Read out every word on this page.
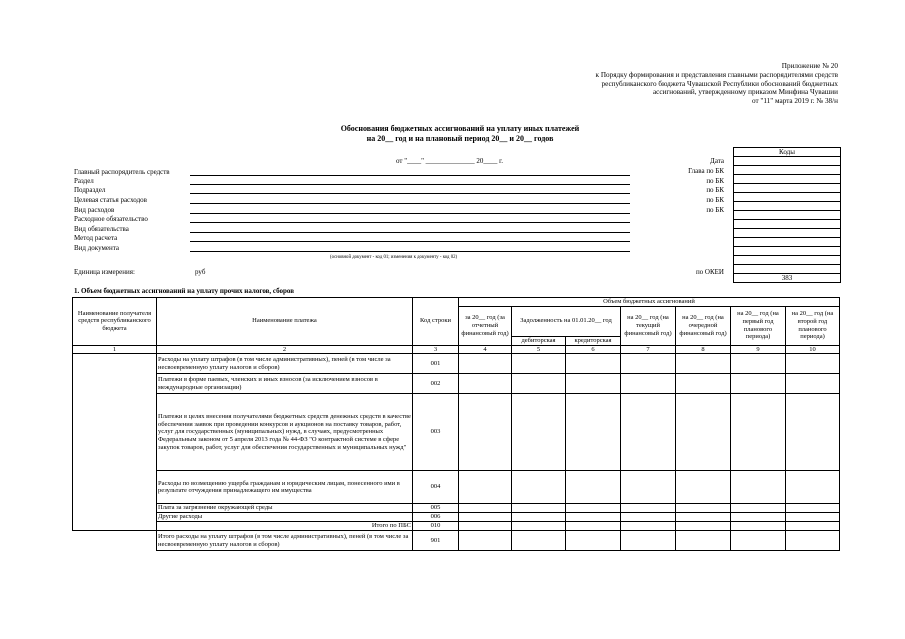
Приложение № 20
к Порядку формирования и представления главными распорядителями средств
республиканского бюджета Чувашской Республики обоснований бюджетных
ассигнований, утвержденному приказом Минфина Чувашии
от "11" марта 2019 г. № 38/н
Обоснования бюджетных ассигнований на уплату иных платежей
на 20__ год и на плановый период 20__ и 20__ годов
Коды

383
от "____" ______________ 20____ г.
Главный распорядитель средств
Раздел
Подраздел
Целевая статья расходов
Вид расходов
Расходное обязательство
Вид обязательства
Метод расчета
Вид документа
Дата
Глава по БК
по БК
по БК
по БК
по БК
(основной документ - код 01; изменения к документу - код 02)
Единица измерения:	руб	по ОКЕИ
1. Объем бюджетных ассигнований на уплату прочих налогов, сборов
Наименование получателя средств республиканского бюджета	Наименование платежа	Код строки	Объем бюджетных ассигнований						
			за 20__ год (за отчетный финансовый год)	Задолженность на 01.01.20__ год		на 20__ год (на текущий финансовый год)	на 20__ год (на очередной финансовый год)	на 20__ год (на первый год планового периода)	на 20__ год (на второй год планового периода)
				дебиторская	кредиторская				
1	2	3	4	5	6	7	8	9	10
	Расходы на уплату штрафов (в том числе административных), пеней (в том числе за несвоевременную уплату налогов и сборов)	001							
	Платежи в форме паевых, членских и иных взносов (за исключением взносов в международные организации)	002							
	Платежи в целях внесения получателями бюджетных средств денежных средств в качестве обеспечения заявок при проведении конкурсов и аукционов на поставку товаров, работ, услуг для государственных (муниципальных) нужд, в случаях, предусмотренных Федеральным законом от 5 апреля 2013 года № 44-ФЗ "О контрактной системе в сфере закупок товаров, работ, услуг для обеспечения государственных и муниципальных нужд"	003							
	Расходы по возмещению ущерба гражданам и юридическим лицам, понесенного ими в результате отчуждения принадлежащего им имущества	004							
	Плата за загрязнение окружающей среды	005							
	Другие расходы	006							
	Итого по ПБС	010							
	Итого расходы на уплату штрафов (в том числе административных), пеней (в том числе за несвоевременную уплату налогов и сборов)	901							
